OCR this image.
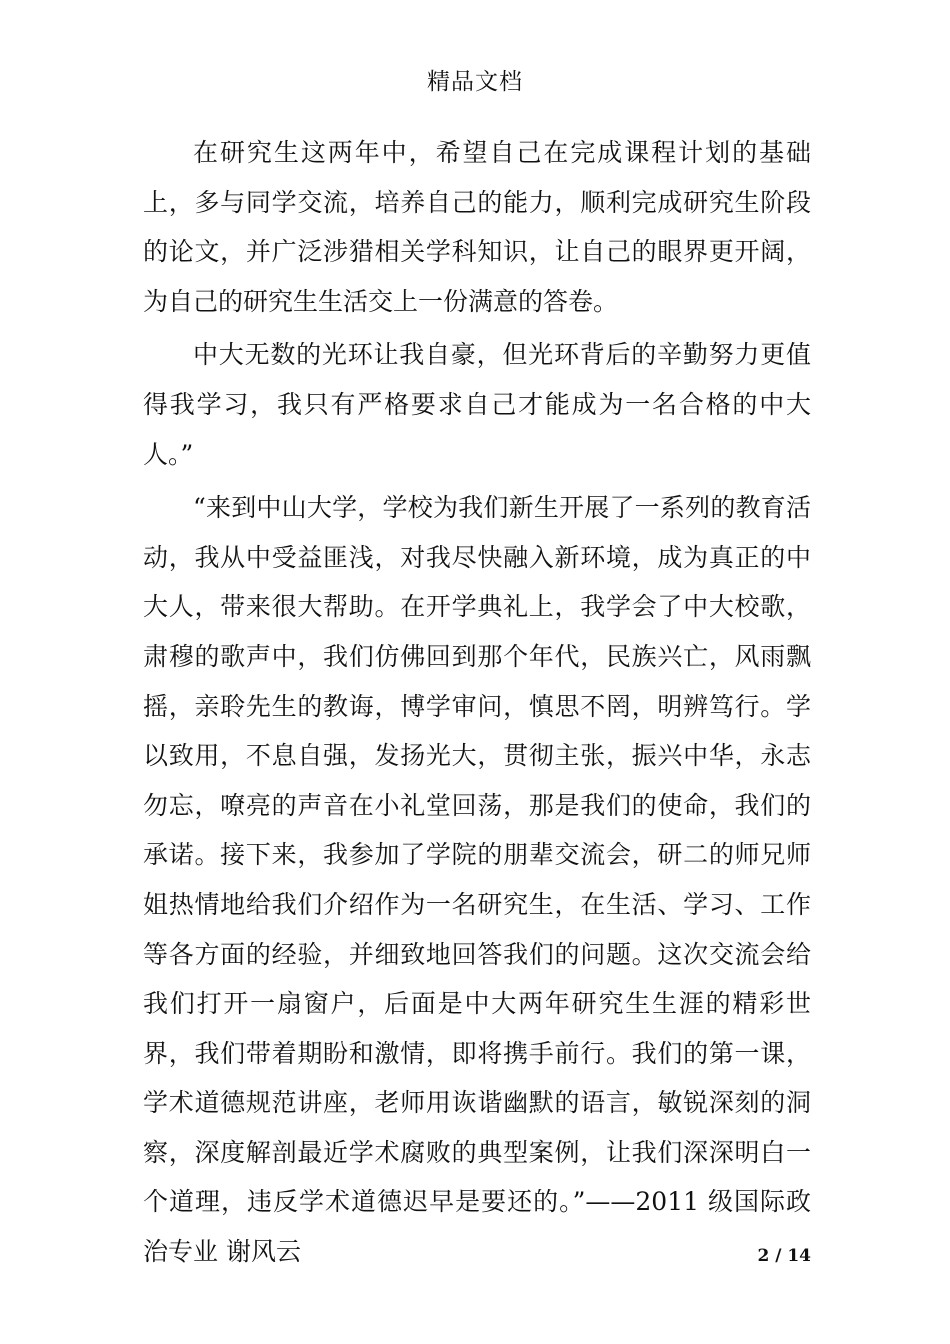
精品文档

在研究生这两年中，希望自己在完成课程计划的基础上，多与同学交流，培养自己的能力，顺利完成研究生阶段的论文，并广泛涉猎相关学科知识，让自己的眼界更开阔，为自己的研究生生活交上一份满意的答卷。

中大无数的光环让我自豪，但光环背后的辛勤努力更值得我学习，我只有严格要求自己才能成为一名合格的中大人。”

“来到中山大学，学校为我们新生开展了一系列的教育活动，我从中受益匪浅，对我尽快融入新环境，成为真正的中大人，带来很大帮助。在开学典礼上，我学会了中大校歌，肃穆的歌声中，我们仿佛回到那个年代，民族兴亡，风雨飘摇，亲聆先生的教诲，博学审问，慎思不罔，明辨笃行。学以致用，不息自强，发扬光大，贯彻主张，振兴中华，永志勿忘，嘹亮的声音在小礼堂回荡，那是我们的使命，我们的承诺。接下来，我参加了学院的朋辈交流会，研二的师兄师姐热情地给我们介绍作为一名研究生，在生活、学习、工作等各方面的经验，并细致地回答我们的问题。这次交流会给我们打开一扇窗户，后面是中大两年研究生生涯的精彩世界，我们带着期盼和激情，即将携手前行。我们的第一课，学术道德规范讲座，老师用诙谐幽默的语言，敏锐深刻的洞察，深度解剖最近学术腐败的典型案例，让我们深深明白一个道理，违反学术道德迟早是要还的。”——2011 级国际政治专业 谢风云	2 / 14
